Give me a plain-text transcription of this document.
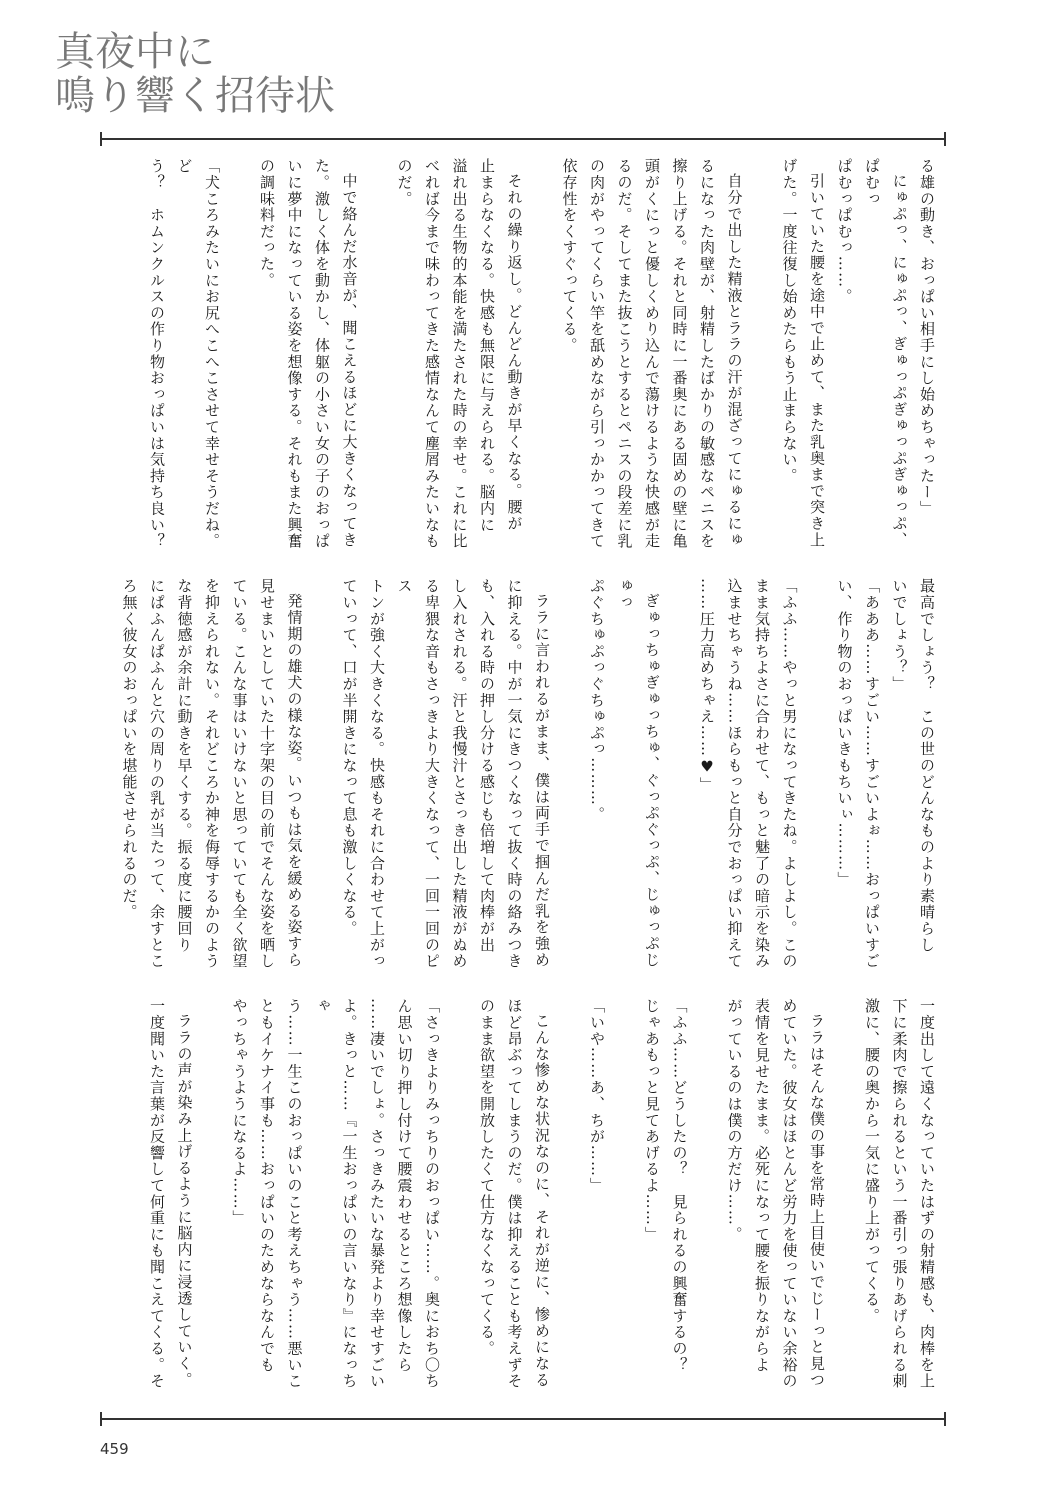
真夜中に
鳴り響く招待状

る雄の動き、おっぱい相手にし始めちゃったー」

にゅぷっ、にゅぷっ、ぎゅっぷぎゅっぷぎゅっぷ、ぱむっ

ぱむっぱむっ……。

引いていた腰を途中で止めて、また乳奥まで突き上

げた。一度往復し始めたらもう止まらない。

自分で出した精液とララの汗が混ざってにゅるにゅ

るになった肉壁が、射精したばかりの敏感なペニスを

擦り上げる。それと同時に一番奥にある固めの壁に亀

頭がくにっと優しくめり込んで蕩けるような快感が走

るのだ。そしてまた抜こうとするとペニスの段差に乳

の肉がやってくらい竿を舐めながら引っかかってきて

依存性をくすぐってくる。

それの繰り返し。どんどん動きが早くなる。腰が

止まらなくなる。快感も無限に与えられる。脳内に

溢れ出る生物的本能を満たされた時の幸せ。これに比

べれば今まで味わってきた感情なんて塵屑みたいなも

のだ。

中で絡んだ水音が、聞こえるほどに大きくなってき

た。激しく体を動かし、体躯の小さい女の子のおっぱ

いに夢中になっている姿を想像する。それもまた興奮

の調味料だった。

「犬ころみたいにお尻へこへこさせて幸せそうだね。ど

う？　ホムンクルスの作り物おっぱいは気持ち良い？

最高でしょう？　この世のどんなものより素晴らし

いでしょう？」

「あああ……すごい……すごいよぉ……おっぱいすご

い、作り物のおっぱいきもちいぃ………」

「ふふ……やっと男になってきたね。よしよし。この

まま気持ちよさに合わせて、もっと魅了の暗示を染み

込ませちゃうね……ほらもっと自分でおっぱい抑えて

……圧力高めちゃえ……♥」

ぎゅっちゅぎゅっちゅ、ぐっぷぐっぷ、じゅっぷじゅっ

ぷぐちゅぷっぐちゅぷっ………。

ララに言われるがまま、僕は両手で掴んだ乳を強め

に抑える。中が一気にきつくなって抜く時の絡みつき

も、入れる時の押し分ける感じも倍増して肉棒が出

し入れされる。汗と我慢汁とさっき出した精液がぬめ

る卑猥な音もさっきより大きくなって、一回一回のピス

トンが強く大きくなる。快感もそれに合わせて上がっ

ていって、口が半開きになって息も激しくなる。

発情期の雄犬の様な姿。いつもは気を緩める姿すら

見せまいとしていた十字架の目の前でそんな姿を晒し

ている。こんな事はいけないと思っていても全く欲望

を抑えられない。それどころか神を侮辱するかのよう

な背徳感が余計に動きを早くする。振る度に腰回り

にぱふんぱふんと穴の周りの乳が当たって、余すとこ

ろ無く彼女のおっぱいを堪能させられるのだ。

一度出して遠くなっていたはずの射精感も、肉棒を上

下に柔肉で擦られるという一番引っ張りあげられる刺

激に、腰の奥から一気に盛り上がってくる。

ララはそんな僕の事を常時上目使いでじーっと見つ

めていた。彼女はほとんど労力を使っていない余裕の

表情を見せたまま。必死になって腰を振りながらよ

がっているのは僕の方だけ……。

「ふふ……どうしたの？　見られるの興奮するの？

じゃあもっと見てあげるよ……」

「いや……あ、ちが……」

こんな惨めな状況なのに、それが逆に、惨めになる

ほど昂ぶってしまうのだ。僕は抑えることも考えずそ

のまま欲望を開放したくて仕方なくなってくる。

「さっきよりみっちりのおっぱい……。奥におち〇ち

ん思い切り押し付けて腰震わせるところ想像したら

……凄いでしょ。さっきみたいな暴発より幸せすごい

よ。きっと……『一生おっぱいの言いなり』になっちゃ

う……一生このおっぱいのこと考えちゃう……悪いこ

ともイケナイ事も……おっぱいのためならなんでも

やっちゃうようになるよ……」

ララの声が染み上げるように脳内に浸透していく。

一度聞いた言葉が反響して何重にも聞こえてくる。そ

459
